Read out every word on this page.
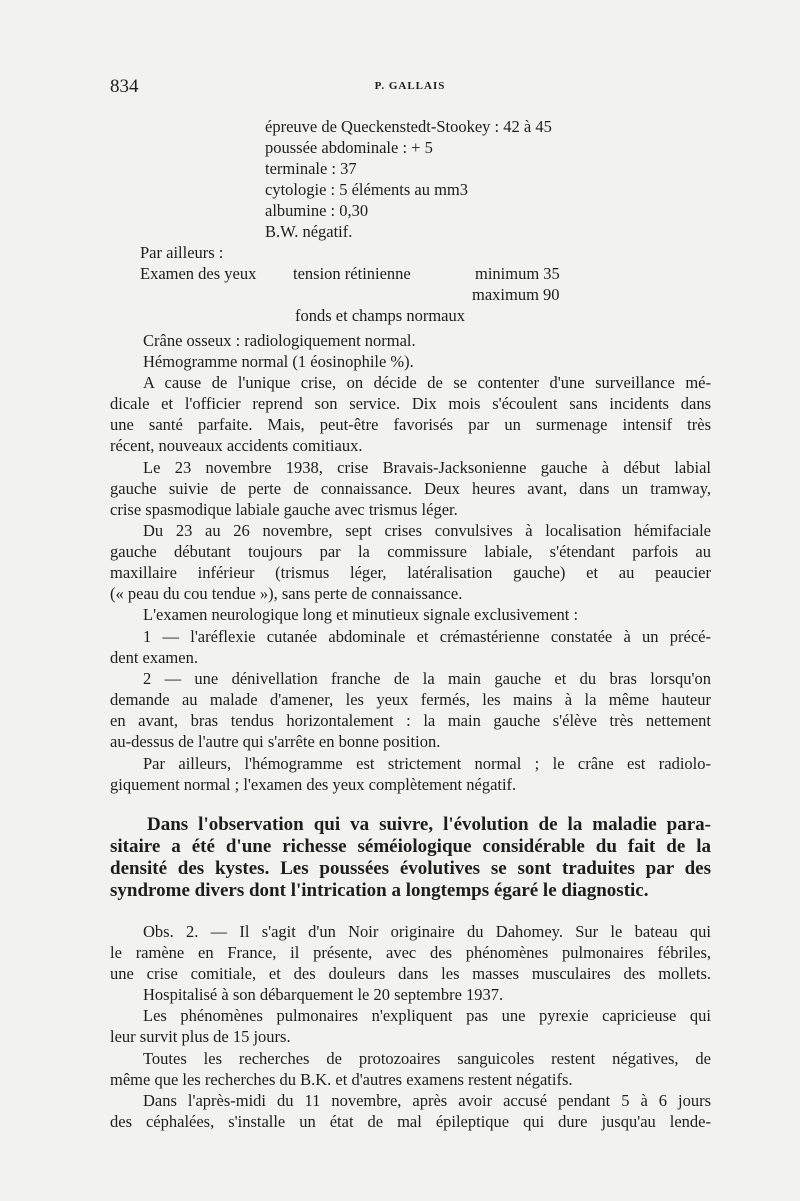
834	P. GALLAIS
épreuve de Queckenstedt-Stookey : 42 à 45
poussée abdominale : + 5
terminale : 37
cytologie : 5 éléments au mm3
albumine : 0,30
B.W. négatif.
Par ailleurs :
Examen des yeux tension rétinienne	minimum 35
maximum 90
fonds et champs normaux
Crâne osseux : radiologiquement normal.
Hémogramme normal (1 éosinophile %).
A cause de l'unique crise, on décide de se contenter d'une surveillance mé-
dicale et l'officier reprend son service. Dix mois s'écoulent sans incidents dans
une santé parfaite. Mais, peut-être favorisés par un surmenage intensif très
récent, nouveaux accidents comitiaux.
Le 23 novembre 1938, crise Bravais-Jacksonienne gauche à début labial
gauche suivie de perte de connaissance. Deux heures avant, dans un tramway,
crise spasmodique labiale gauche avec trismus léger.
Du 23 au 26 novembre, sept crises convulsives à localisation hémifaciale
gauche débutant toujours par la commissure labiale, s'étendant parfois au
maxillaire inférieur (trismus léger, latéralisation gauche) et au peaucier
(« peau du cou tendue »), sans perte de connaissance.
L'examen neurologique long et minutieux signale exclusivement :
1 — l'aréflexie cutanée abdominale et crémastérienne constatée à un précé-
dent examen.
2 — une dénivellation franche de la main gauche et du bras lorsqu'on
demande au malade d'amener, les yeux fermés, les mains à la même hauteur
en avant, bras tendus horizontalement : la main gauche s'élève très nettement
au-dessus de l'autre qui s'arrête en bonne position.
Par ailleurs, l'hémogramme est strictement normal ; le crâne est radiolo-
giquement normal ; l'examen des yeux complètement négatif.
Dans l'observation qui va suivre, l'évolution de la maladie para-
sitaire a été d'une richesse séméiologique considérable du fait de la
densité des kystes. Les poussées évolutives se sont traduites par des
syndrome divers dont l'intrication a longtemps égaré le diagnostic.
Obs. 2. — Il s'agit d'un Noir originaire du Dahomey. Sur le bateau qui
le ramène en France, il présente, avec des phénomènes pulmonaires fébriles,
une crise comitiale, et des douleurs dans les masses musculaires des mollets.
Hospitalisé à son débarquement le 20 septembre 1937.
Les phénomènes pulmonaires n'expliquent pas une pyrexie capricieuse qui
leur survit plus de 15 jours.
Toutes les recherches de protozoaires sanguicoles restent négatives, de
même que les recherches du B.K. et d'autres examens restent négatifs.
Dans l'après-midi du 11 novembre, après avoir accusé pendant 5 à 6 jours
des céphalées, s'installe un état de mal épileptique qui dure jusqu'au lende-
